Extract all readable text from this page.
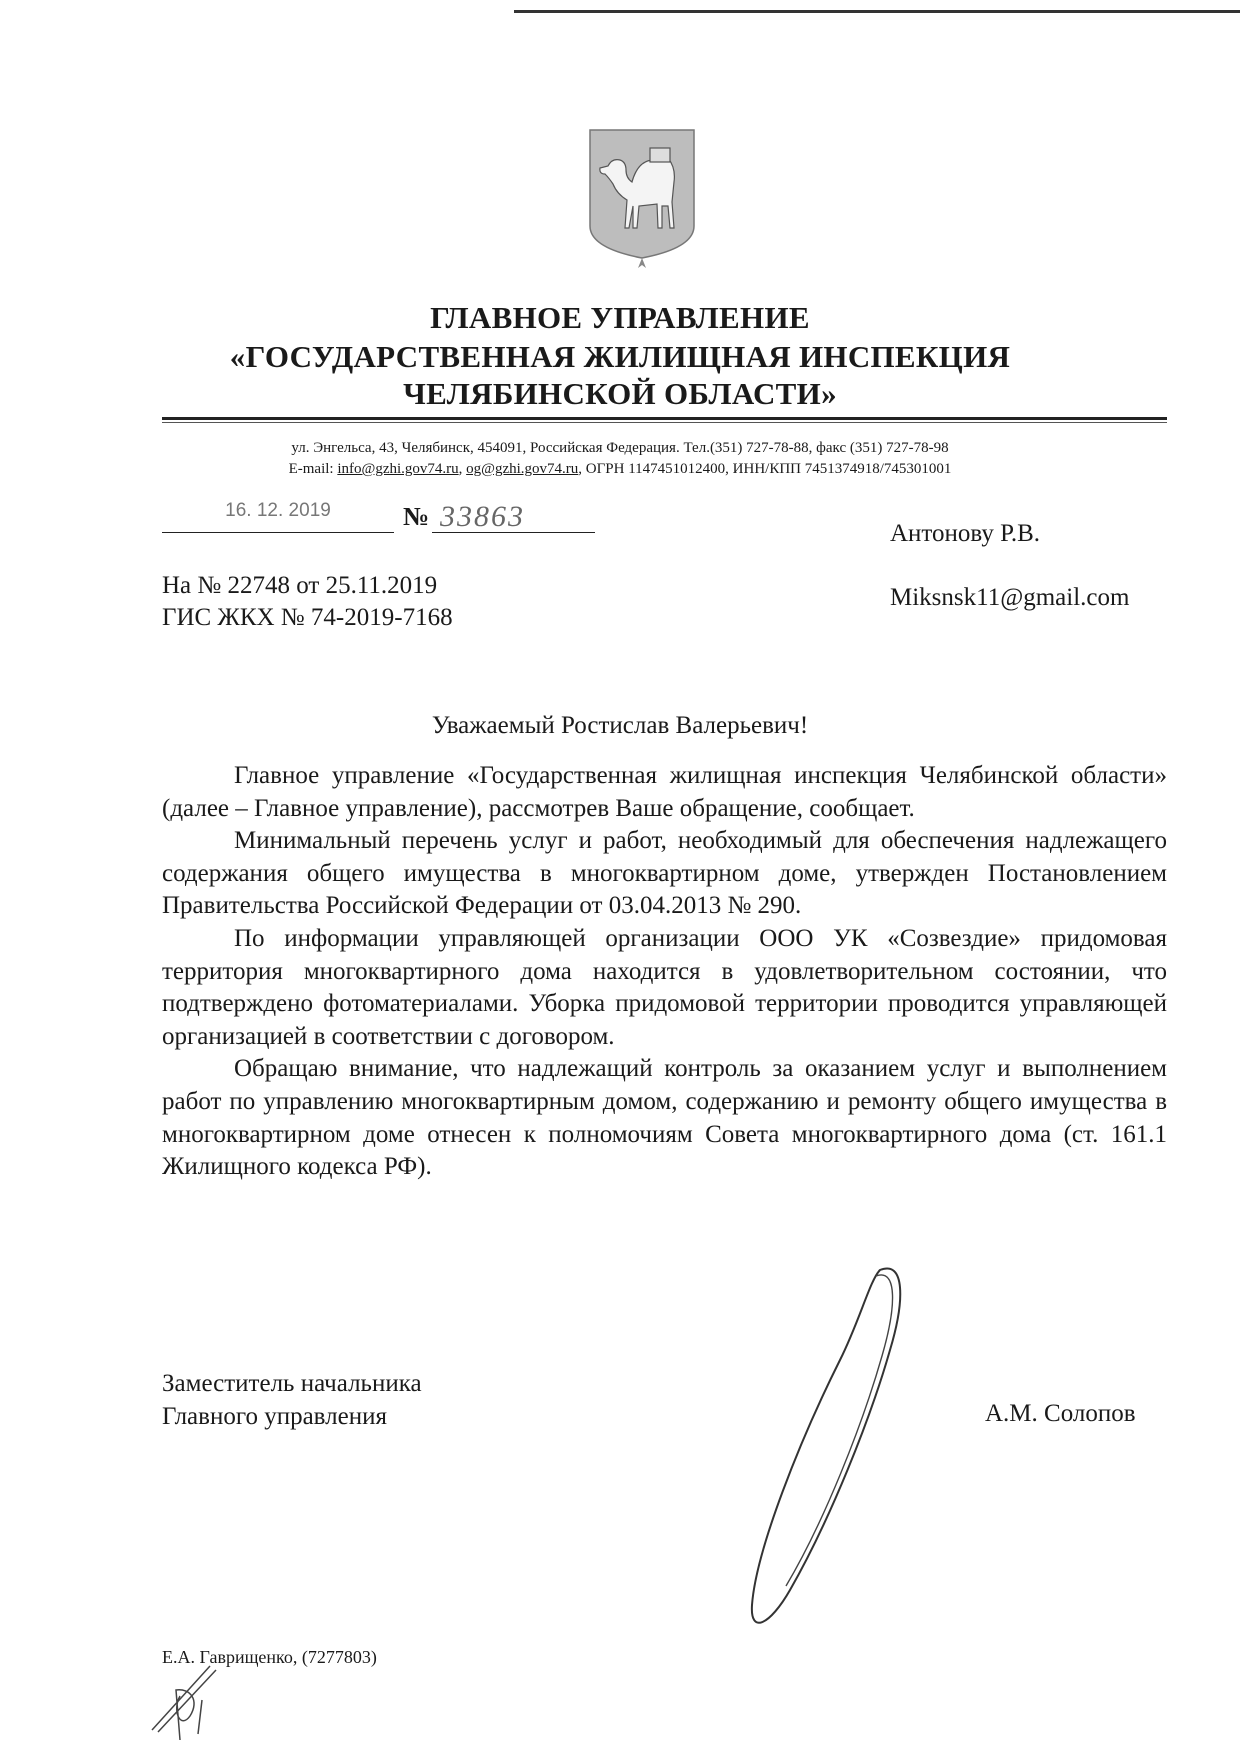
ГЛАВНОЕ УПРАВЛЕНИЕ
«ГОСУДАРСТВЕННАЯ ЖИЛИЩНАЯ ИНСПЕКЦИЯ
ЧЕЛЯБИНСКОЙ ОБЛАСТИ»
ул. Энгельса, 43, Челябинск, 454091, Российская Федерация. Тел.(351) 727-78-88, факс (351) 727-78-98
E-mail: info@gzhi.gov74.ru, og@gzhi.gov74.ru, ОГРН 1147451012400, ИНН/КПП 7451374918/745301001
16. 12. 2019	№ 33863
Антонову Р.В.
Miksnsk11@gmail.com
На № 22748 от 25.11.2019
ГИС ЖКХ № 74-2019-7168
Уважаемый Ростислав Валерьевич!

Главное управление «Государственная жилищная инспекция Челябинской области» (далее – Главное управление), рассмотрев Ваше обращение, сообщает.

Минимальный перечень услуг и работ, необходимый для обеспечения надлежащего содержания общего имущества в многоквартирном доме, утвержден Постановлением Правительства Российской Федерации от 03.04.2013 № 290.

По информации управляющей организации ООО УК «Созвездие» придомовая территория многоквартирного дома находится в удовлетворительном состоянии, что подтверждено фотоматериалами. Уборка придомовой территории проводится управляющей организацией в соответствии с договором.

Обращаю внимание, что надлежащий контроль за оказанием услуг и выполнением работ по управлению многоквартирным домом, содержанию и ремонту общего имущества в многоквартирном доме отнесен к полномочиям Совета многоквартирного дома (ст. 161.1 Жилищного кодекса РФ).

Заместитель начальника
Главного управления	А.М. Солопов
Е.А. Гаврищенко, (7277803)
